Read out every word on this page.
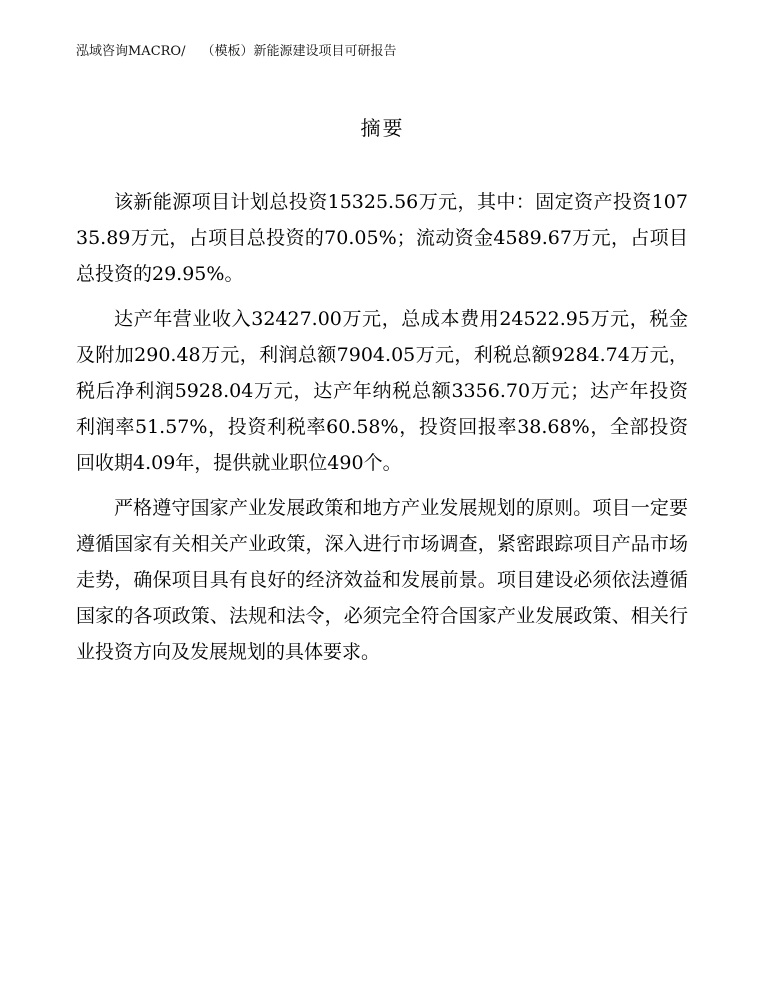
泓域咨询MACRO/ （模板）新能源建设项目可研报告
摘要

该新能源项目计划总投资15325.56万元，其中：固定资产投资10735.89万元，占项目总投资的70.05%；流动资金4589.67万元，占项目总投资的29.95%。

达产年营业收入32427.00万元，总成本费用24522.95万元，税金及附加290.48万元，利润总额7904.05万元，利税总额9284.74万元，税后净利润5928.04万元，达产年纳税总额3356.70万元；达产年投资利润率51.57%，投资利税率60.58%，投资回报率38.68%，全部投资回收期4.09年，提供就业职位490个。

严格遵守国家产业发展政策和地方产业发展规划的原则。项目一定要遵循国家有关相关产业政策，深入进行市场调查，紧密跟踪项目产品市场走势，确保项目具有良好的经济效益和发展前景。项目建设必须依法遵循国家的各项政策、法规和法令，必须完全符合国家产业发展政策、相关行业投资方向及发展规划的具体要求。
